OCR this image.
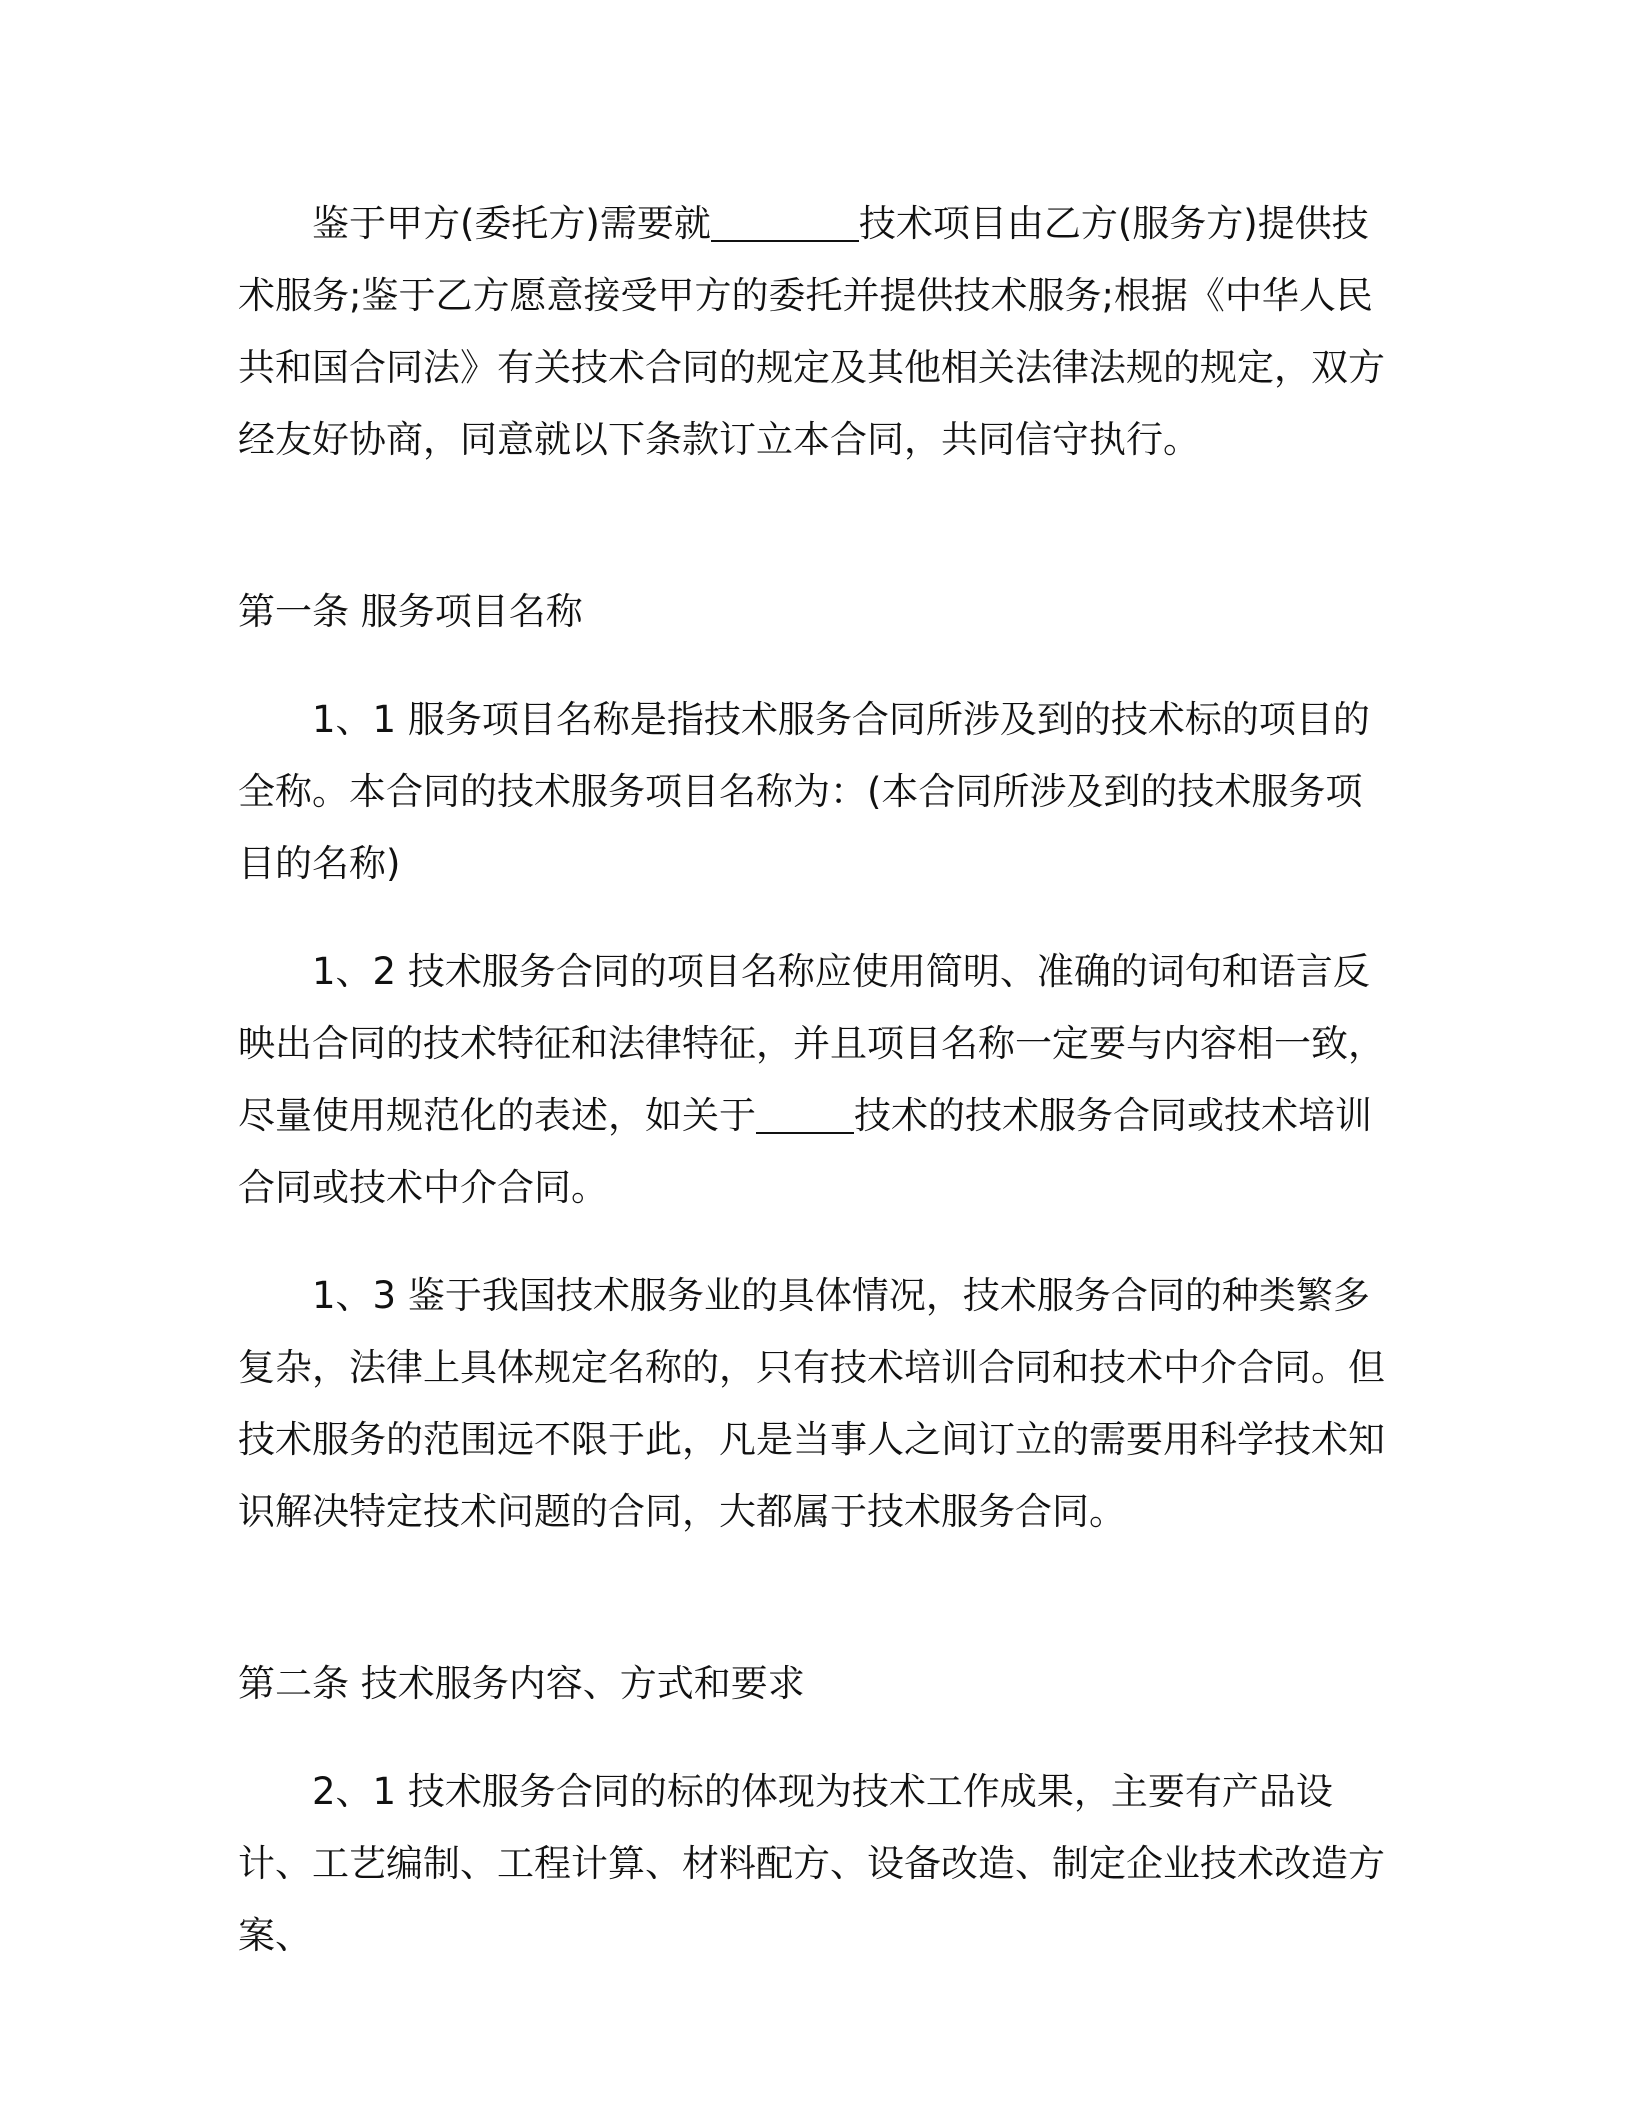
鉴于甲方(委托方)需要就	技术项目由乙方(服务方)提供技术服务;鉴于乙方愿意接受甲方的委托并提供技术服务;根据《中华人民共和国合同法》有关技术合同的规定及其他相关法律法规的规定，双方经友好协商，同意就以下条款订立本合同，共同信守执行。

第一条 服务项目名称

1、1 服务项目名称是指技术服务合同所涉及到的技术标的项目的全称。本合同的技术服务项目名称为：(本合同所涉及到的技术服务项目的名称)

1、2 技术服务合同的项目名称应使用简明、准确的词句和语言反映出合同的技术特征和法律特征，并且项目名称一定要与内容相一致，尽量使用规范化的表述，如关于	技术的技术服务合同或技术培训合同或技术中介合同。

1、3 鉴于我国技术服务业的具体情况，技术服务合同的种类繁多复杂，法律上具体规定名称的，只有技术培训合同和技术中介合同。但技术服务的范围远不限于此，凡是当事人之间订立的需要用科学技术知识解决特定技术问题的合同，大都属于技术服务合同。

第二条 技术服务内容、方式和要求

2、1 技术服务合同的标的体现为技术工作成果，主要有产品设计、工艺编制、工程计算、材料配方、设备改造、制定企业技术改造方案、
